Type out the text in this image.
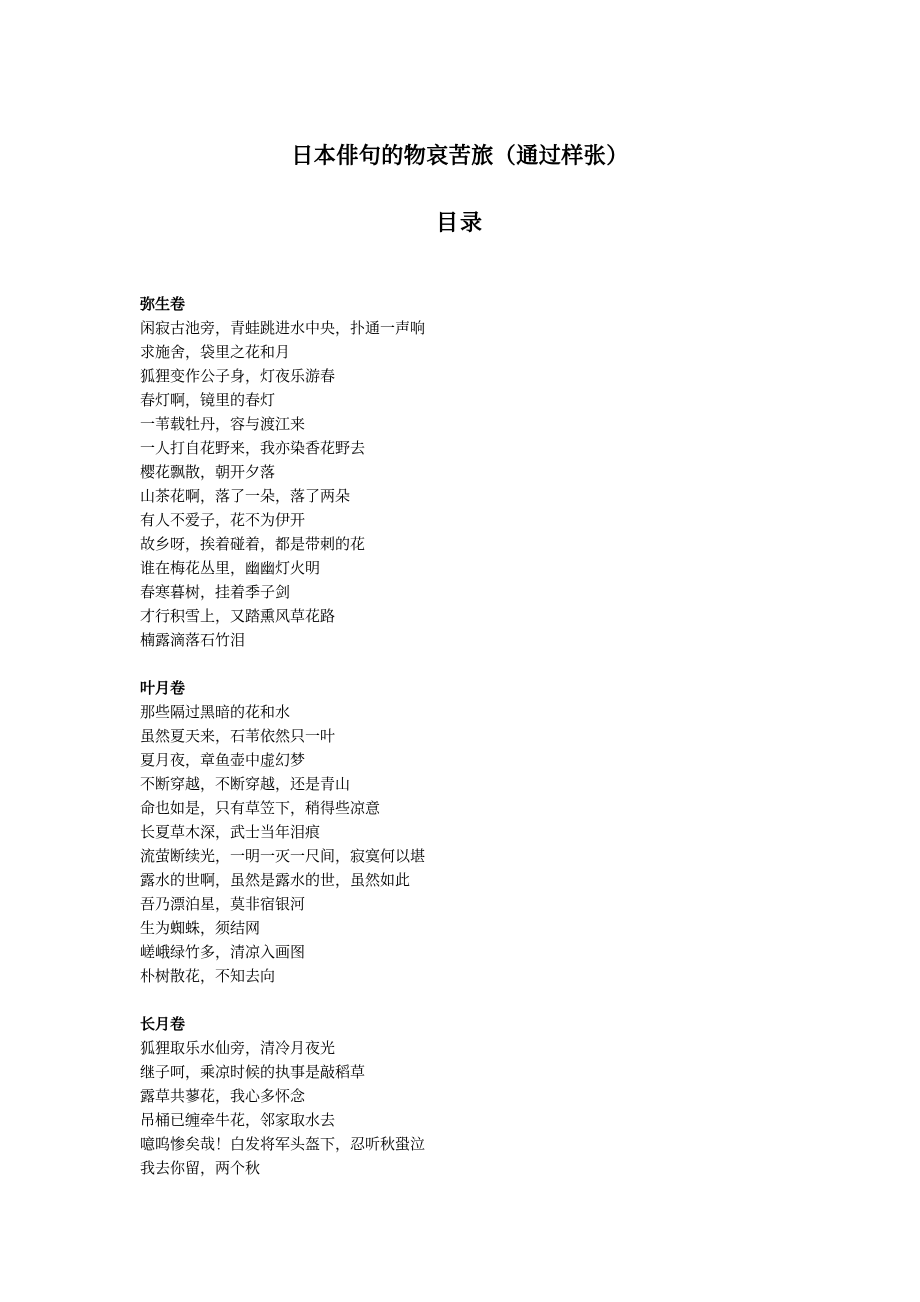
日本俳句的物哀苦旅（通过样张）
目录
弥生卷
闲寂古池旁，青蛙跳进水中央，扑通一声响
求施舍，袋里之花和月
狐狸变作公子身，灯夜乐游春
春灯啊，镜里的春灯
一苇载牡丹，容与渡江来
一人打自花野来，我亦染香花野去
樱花飘散，朝开夕落
山茶花啊，落了一朵，落了两朵
有人不爱子，花不为伊开
故乡呀，挨着碰着，都是带刺的花
谁在梅花丛里，幽幽灯火明
春寒暮树，挂着季子剑
才行积雪上，又踏熏风草花路
楠露滴落石竹泪
叶月卷
那些隔过黑暗的花和水
虽然夏天来，石苇依然只一叶
夏月夜，章鱼壶中虚幻梦
不断穿越，不断穿越，还是青山
命也如是，只有草笠下，稍得些凉意
长夏草木深，武士当年泪痕
流萤断续光，一明一灭一尺间，寂寞何以堪
露水的世啊，虽然是露水的世，虽然如此
吾乃漂泊星，莫非宿银河
生为蜘蛛，须结网
嵯峨绿竹多，清凉入画图
朴树散花，不知去向
长月卷
狐狸取乐水仙旁，清冷月夜光
继子呵，乘凉时候的执事是敲稻草
露草共蓼花，我心多怀念
吊桶已缠牵牛花，邻家取水去
噫呜惨矣哉！白发将军头盔下，忍听秋蛩泣
我去你留，两个秋
